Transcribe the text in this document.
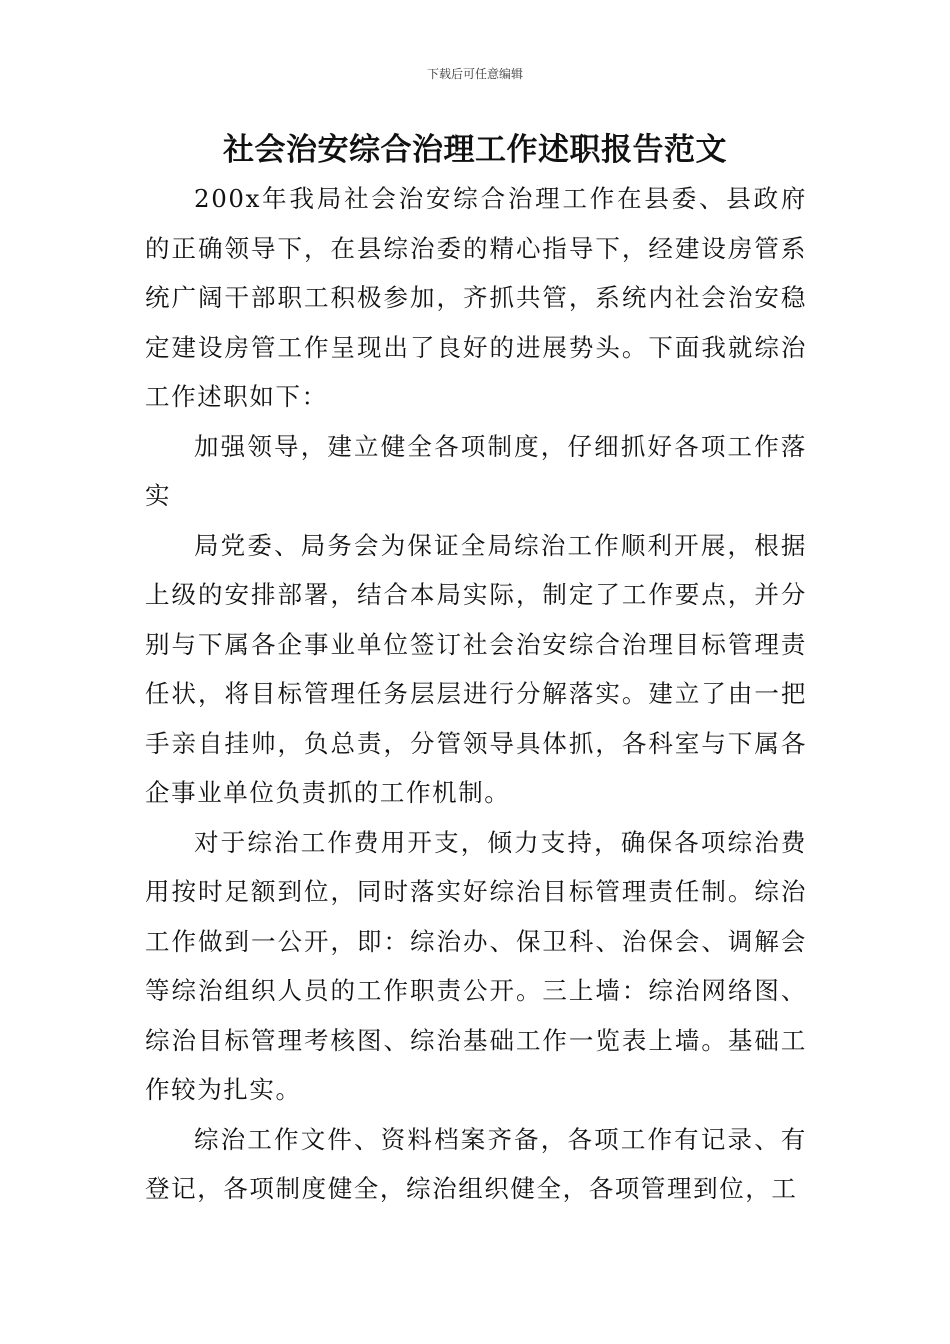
下载后可任意编辑
社会治安综合治理工作述职报告范文

200x年我局社会治安综合治理工作在县委、县政府的正确领导下，在县综治委的精心指导下，经建设房管系统广阔干部职工积极参加，齐抓共管，系统内社会治安稳定建设房管工作呈现出了良好的进展势头。下面我就综治工作述职如下：

加强领导，建立健全各项制度，仔细抓好各项工作落实

局党委、局务会为保证全局综治工作顺利开展，根据上级的安排部署，结合本局实际，制定了工作要点，并分别与下属各企事业单位签订社会治安综合治理目标管理责任状，将目标管理任务层层进行分解落实。建立了由一把手亲自挂帅，负总责，分管领导具体抓，各科室与下属各企事业单位负责抓的工作机制。

对于综治工作费用开支，倾力支持，确保各项综治费用按时足额到位，同时落实好综治目标管理责任制。综治工作做到一公开，即：综治办、保卫科、治保会、调解会等综治组织人员的工作职责公开。三上墙：综治网络图、综治目标管理考核图、综治基础工作一览表上墙。基础工作较为扎实。

综治工作文件、资料档案齐备，各项工作有记录、有登记，各项制度健全，综治组织健全，各项管理到位，工
